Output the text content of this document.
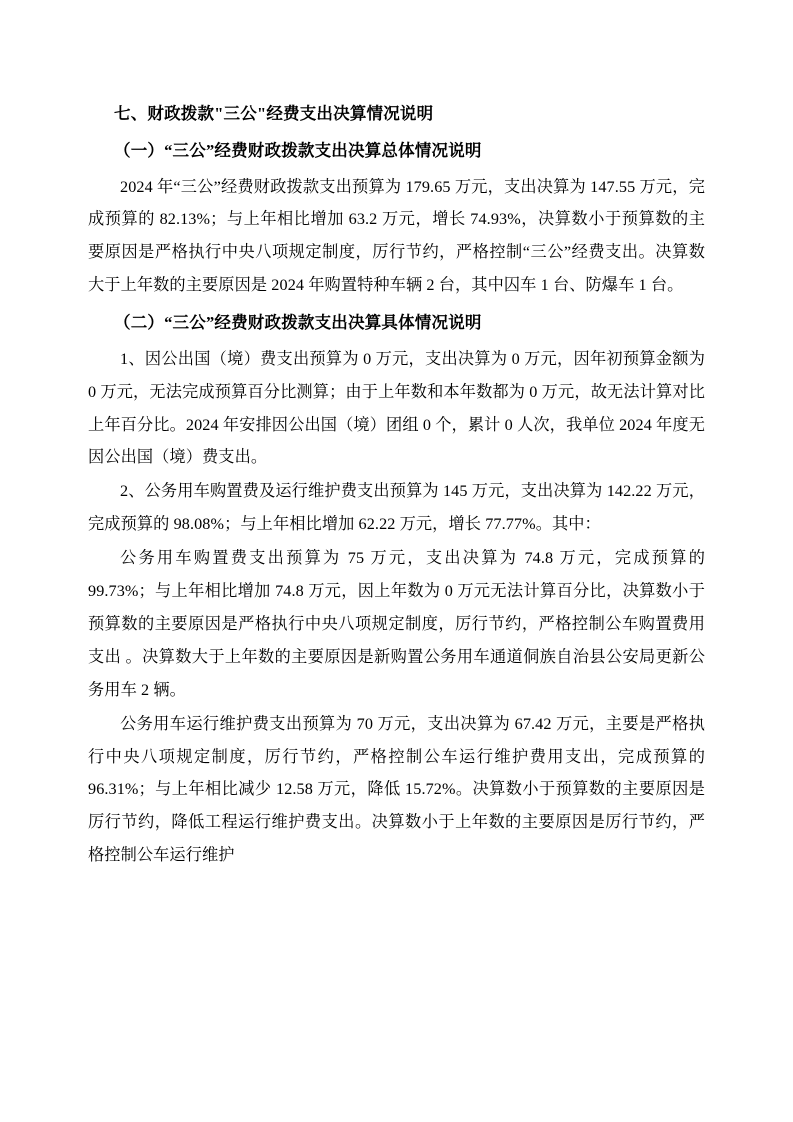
七、财政拨款"三公"经费支出决算情况说明
（一）“三公”经费财政拨款支出决算总体情况说明

2024 年“三公”经费财政拨款支出预算为 179.65 万元，支出决算为 147.55 万元，完成预算的 82.13%；与上年相比增加 63.2 万元，增长 74.93%，决算数小于预算数的主要原因是严格执行中央八项规定制度，厉行节约，严格控制“三公”经费支出。决算数大于上年数的主要原因是 2024 年购置特种车辆 2 台，其中囚车 1 台、防爆车 1 台。

（二）“三公”经费财政拨款支出决算具体情况说明

1、因公出国（境）费支出预算为 0 万元，支出决算为 0 万元，因年初预算金额为 0 万元，无法完成预算百分比测算；由于上年数和本年数都为 0 万元，故无法计算对比上年百分比。2024 年安排因公出国（境）团组 0 个，累计 0 人次，我单位 2024 年度无因公出国（境）费支出。

2、公务用车购置费及运行维护费支出预算为 145 万元，支出决算为 142.22 万元，完成预算的 98.08%；与上年相比增加 62.22 万元，增长 77.77%。其中：

公务用车购置费支出预算为 75 万元，支出决算为 74.8 万元，完成预算的 99.73%；与上年相比增加 74.8 万元，因上年数为 0 万元无法计算百分比，决算数小于预算数的主要原因是严格执行中央八项规定制度，厉行节约，严格控制公车购置费用支出 。决算数大于上年数的主要原因是新购置公务用车通道侗族自治县公安局更新公务用车 2 辆。

公务用车运行维护费支出预算为 70 万元，支出决算为 67.42 万元，主要是严格执行中央八项规定制度，厉行节约，严格控制公车运行维护费用支出，完成预算的 96.31%；与上年相比减少 12.58 万元，降低 15.72%。决算数小于预算数的主要原因是厉行节约，降低工程运行维护费支出。决算数小于上年数的主要原因是厉行节约，严格控制公车运行维护
